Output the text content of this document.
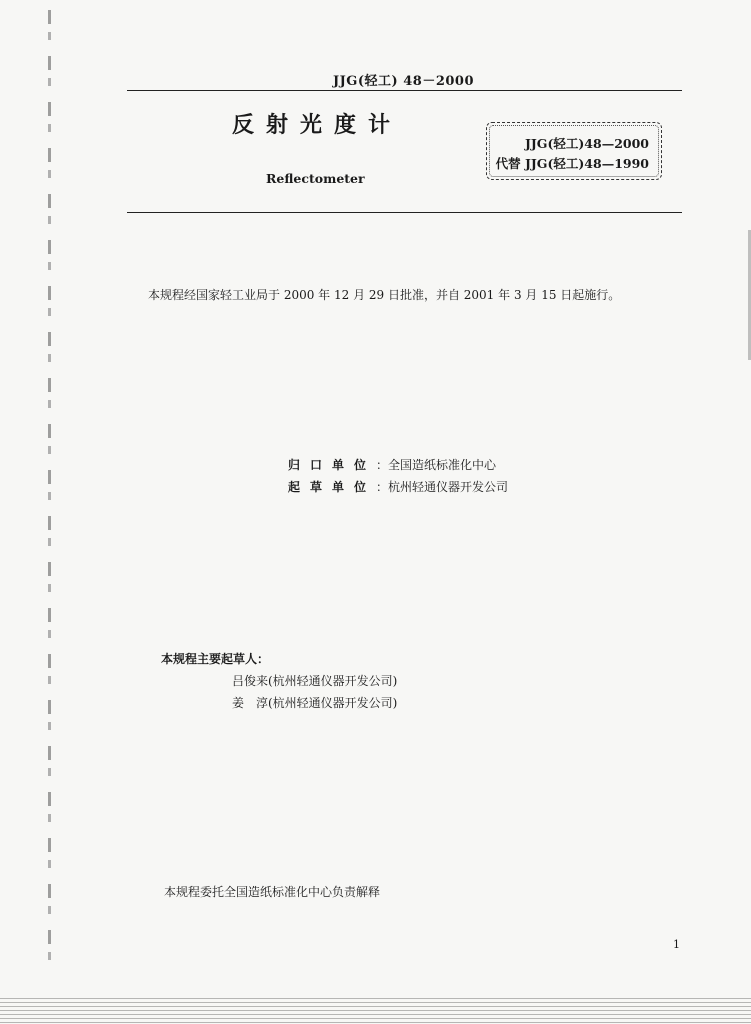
JJG(轻工) 48－2000
反射光度计
Reflectometer
JJG(轻工)48—2000
代替 JJG(轻工)48—1990
本规程经国家轻工业局于 2000 年 12 月 29 日批准，并自 2001 年 3 月 15 日起施行。
归口单位：全国造纸标准化中心
起草单位：杭州轻通仪器开发公司
本规程主要起草人：
吕俊来(杭州轻通仪器开发公司)
姜　淳(杭州轻通仪器开发公司)
本规程委托全国造纸标准化中心负责解释
1
